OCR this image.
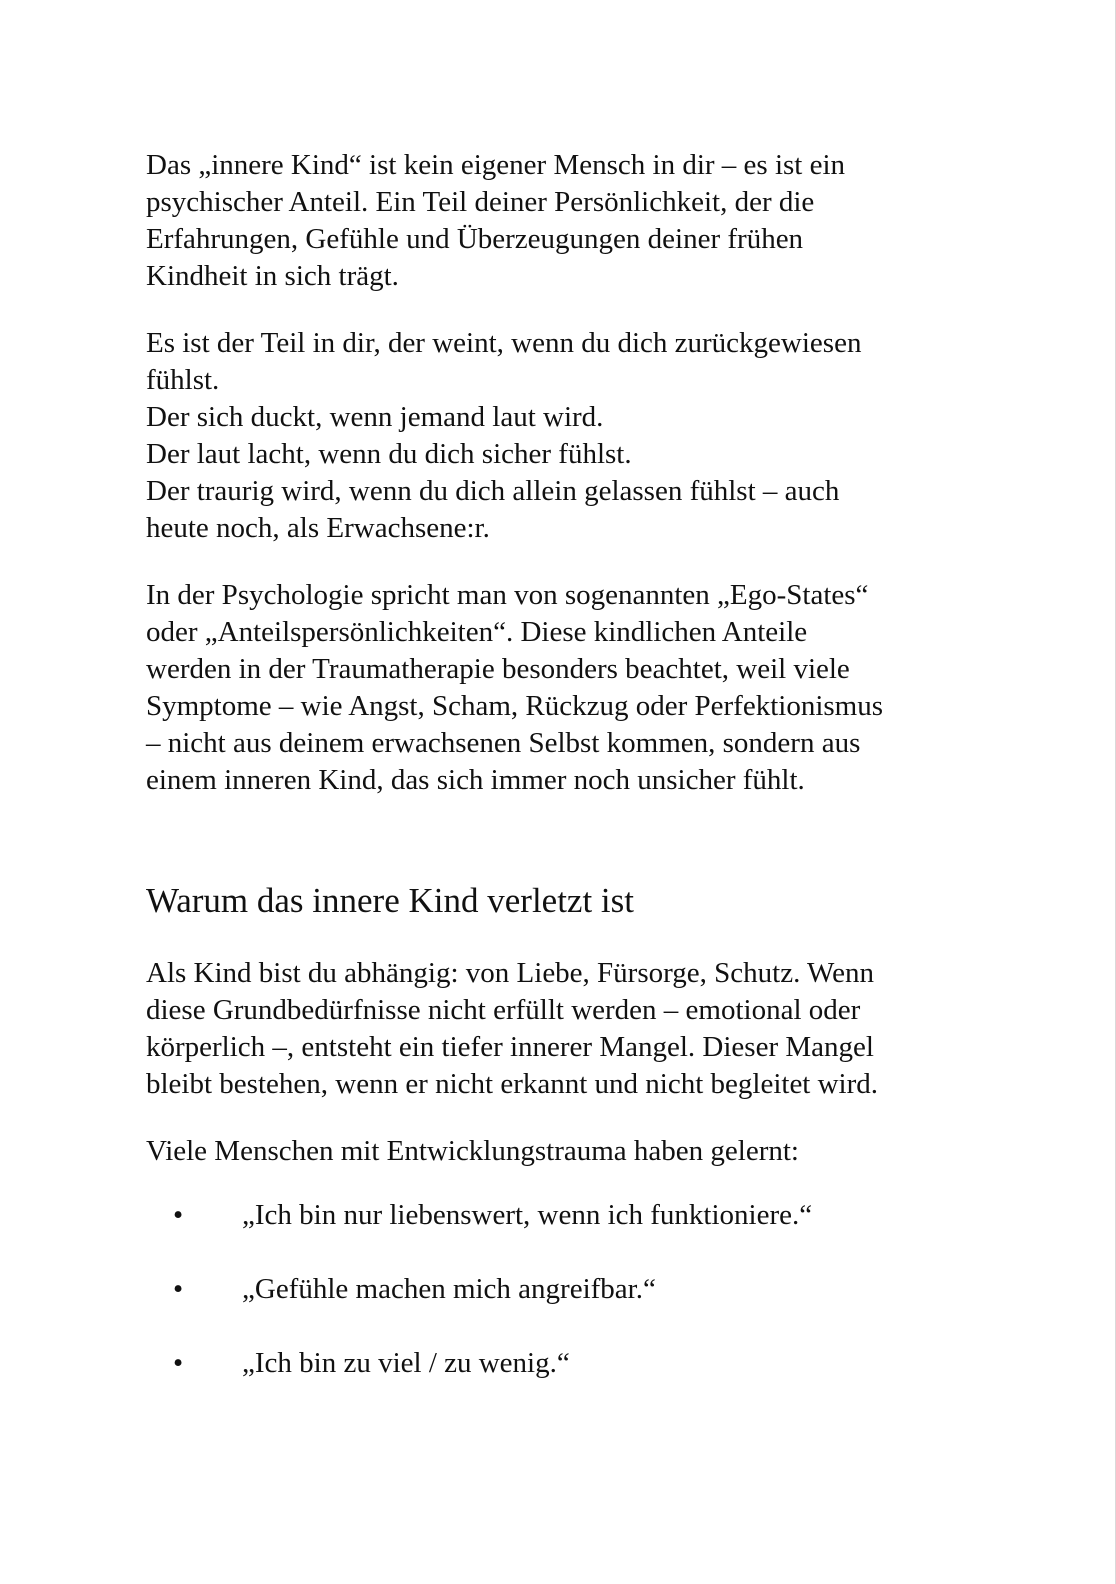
Das „innere Kind“ ist kein eigener Mensch in dir – es ist ein

psychischer Anteil. Ein Teil deiner Persönlichkeit, der die

Erfahrungen, Gefühle und Überzeugungen deiner frühen

Kindheit in sich trägt.

Es ist der Teil in dir, der weint, wenn du dich zurückgewiesen

fühlst.

Der sich duckt, wenn jemand laut wird.

Der laut lacht, wenn du dich sicher fühlst.

Der traurig wird, wenn du dich allein gelassen fühlst – auch

heute noch, als Erwachsene:r.

In der Psychologie spricht man von sogenannten „Ego-States“

oder „Anteilspersönlichkeiten“. Diese kindlichen Anteile

werden in der Traumatherapie besonders beachtet, weil viele

Symptome – wie Angst, Scham, Rückzug oder Perfektionismus

– nicht aus deinem erwachsenen Selbst kommen, sondern aus

einem inneren Kind, das sich immer noch unsicher fühlt.

Warum das innere Kind verletzt ist

Als Kind bist du abhängig: von Liebe, Fürsorge, Schutz. Wenn

diese Grundbedürfnisse nicht erfüllt werden – emotional oder

körperlich –, entsteht ein tiefer innerer Mangel. Dieser Mangel

bleibt bestehen, wenn er nicht erkannt und nicht begleitet wird.

Viele Menschen mit Entwicklungstrauma haben gelernt:

• „Ich bin nur liebenswert, wenn ich funktioniere.“
• „Gefühle machen mich angreifbar.“
• „Ich bin zu viel / zu wenig.“
